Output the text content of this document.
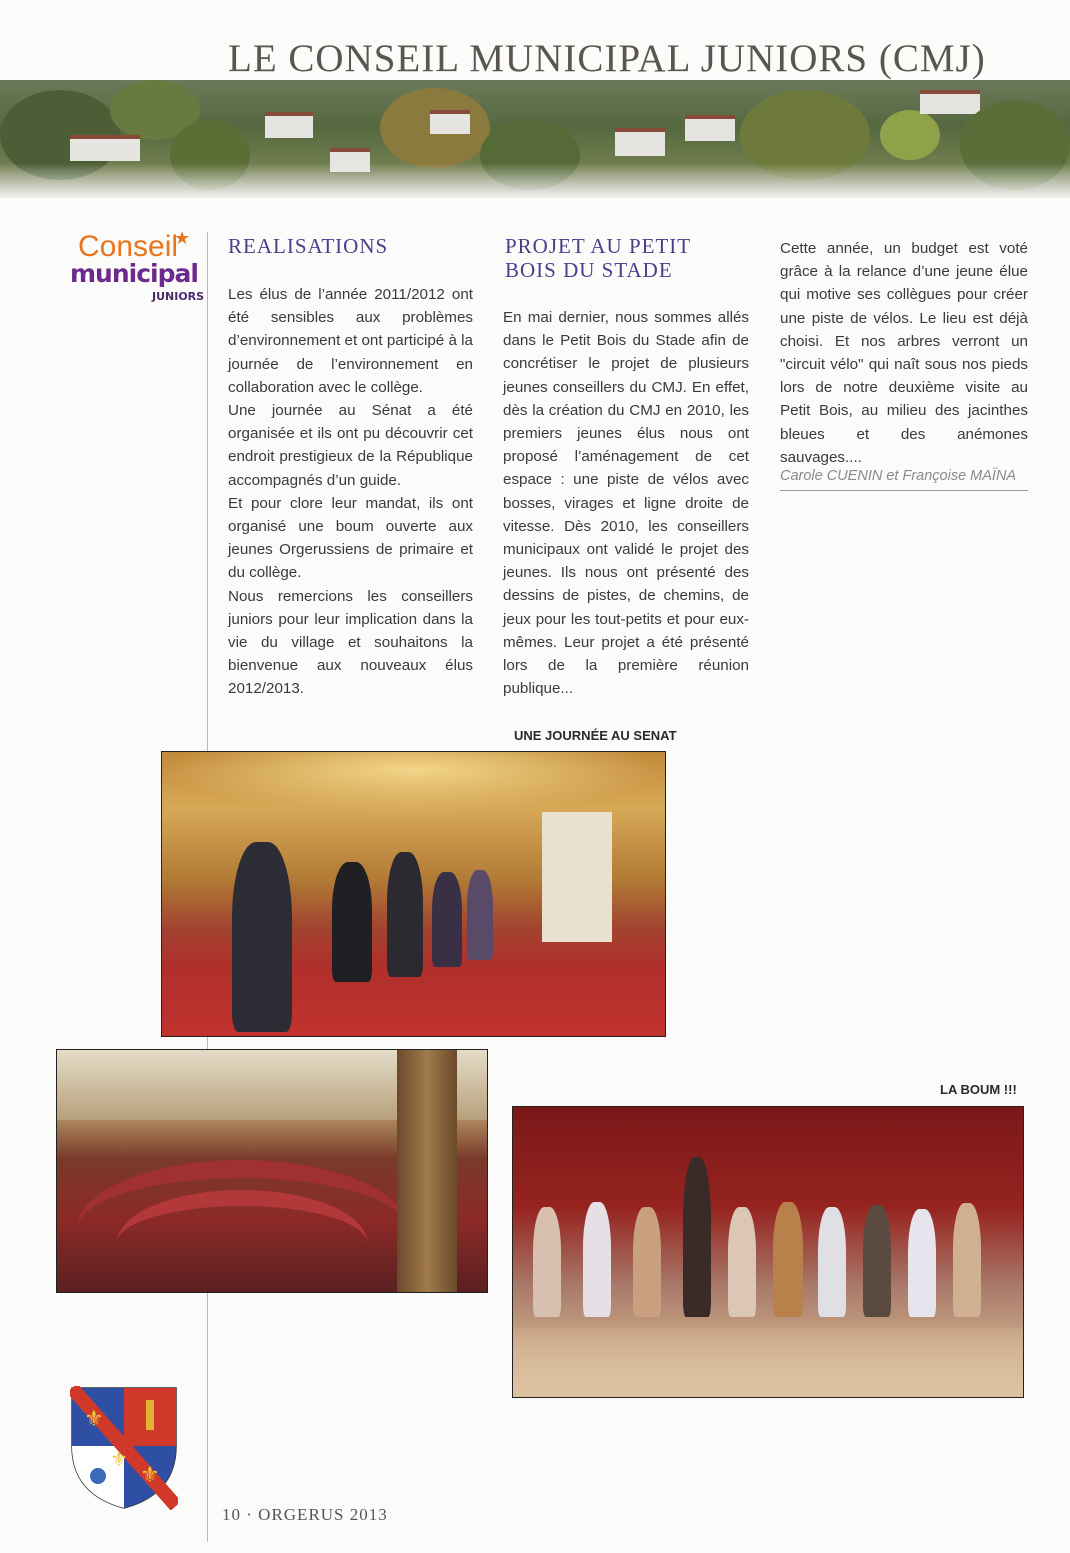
LE CONSEIL MUNICIPAL JUNIORS (CMJ)
Conseil
★
municipal
JUNIORS
REALISATIONS

Les élus de l’année 2011/2012 ont été sensibles aux problèmes d’environnement et ont participé à la journée de l’environnement en collaboration avec le collège.

Une journée au Sénat a été organisée et ils ont pu découvrir cet endroit prestigieux de la République accompagnés d’un guide.

Et pour clore leur mandat, ils ont organisé une boum ouverte aux jeunes Orgerussiens de primaire et du collège.

Nous remercions les conseillers juniors pour leur implication dans la vie du village et souhaitons la bienvenue aux nouveaux élus 2012/2013.

PROJET AU PETIT
BOIS DU STADE

En mai dernier, nous sommes allés dans le Petit Bois du Stade afin de concrétiser le projet de plusieurs jeunes conseillers du CMJ. En effet, dès la création du CMJ en 2010, les premiers jeunes élus nous ont proposé l’aménagement de cet espace : une piste de vélos avec bosses, virages et ligne droite de vitesse. Dès 2010, les conseillers municipaux ont validé le projet des jeunes. Ils nous ont présenté des dessins de pistes, de chemins, de jeux pour les tout-petits et pour eux-mêmes. Leur projet a été présenté lors de la première réunion publique...

Cette année, un budget est voté grâce à la relance d’une jeune élue qui motive ses collègues pour créer une piste de vélos. Le lieu est déjà choisi. Et nos arbres verront un "circuit vélo" qui naît sous nos pieds lors de notre deuxième visite au Petit Bois, au milieu des jacinthes bleues et des anémones sauvages....

Carole CUENIN et Françoise MAÏNA
UNE JOURNÉE AU SENAT
LA BOUM !!!
⚜
⚜
⚜
10 · ORGERUS 2013
